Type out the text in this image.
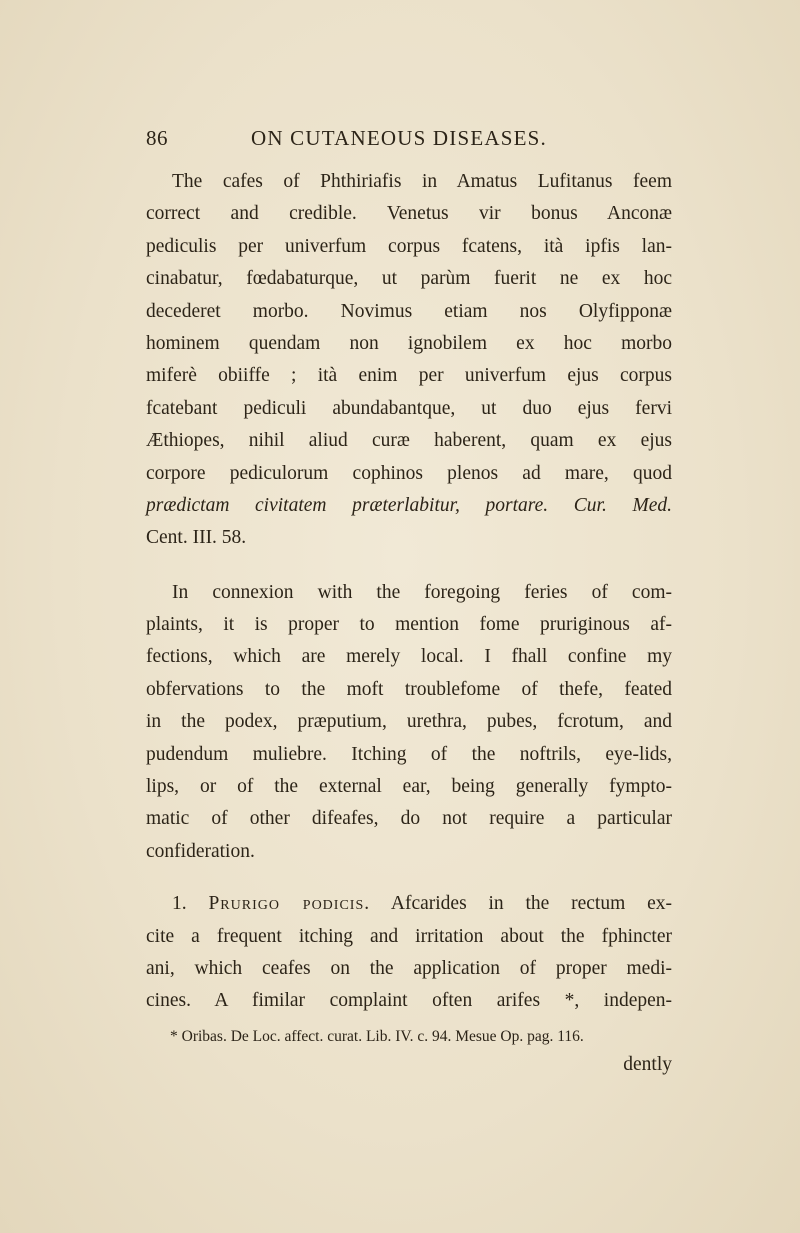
86	ON CUTANEOUS DISEASES.
The cafes of Phthiriafis in Amatus Lufitanus feem
correct and credible. Venetus vir bonus Anconæ
pediculis per univerfum corpus fcatens, ità ipfis lan-
cinabatur, fœdabaturque, ut parùm fuerit ne ex hoc
decederet morbo. Novimus etiam nos Olyfipponæ
hominem quendam non ignobilem ex hoc morbo
miferè obiiffe ; ità enim per univerfum ejus corpus
fcatebant pediculi abundabantque, ut duo ejus fervi
Æthiopes, nihil aliud curæ haberent, quam ex ejus
corpore pediculorum cophinos plenos ad mare, quod
prædictam civitatem præterlabitur, portare. Cur. Med.
Cent. III. 58.
In connexion with the foregoing feries of com-
plaints, it is proper to mention fome pruriginous af-
fections, which are merely local. I fhall confine my
obfervations to the moft troublefome of thefe, feated
in the podex, præputium, urethra, pubes, fcrotum, and
pudendum muliebre. Itching of the noftrils, eye-lids,
lips, or of the external ear, being generally fympto-
matic of other difeafes, do not require a particular
confideration.
1. Prurigo podicis. Afcarides in the rectum ex-
cite a frequent itching and irritation about the fphincter
ani, which ceafes on the application of proper medi-
cines. A fimilar complaint often arifes *, indepen-
* Oribas. De Loc. affect. curat. Lib. IV. c. 94. Mesue Op. pag. 116.
dently
